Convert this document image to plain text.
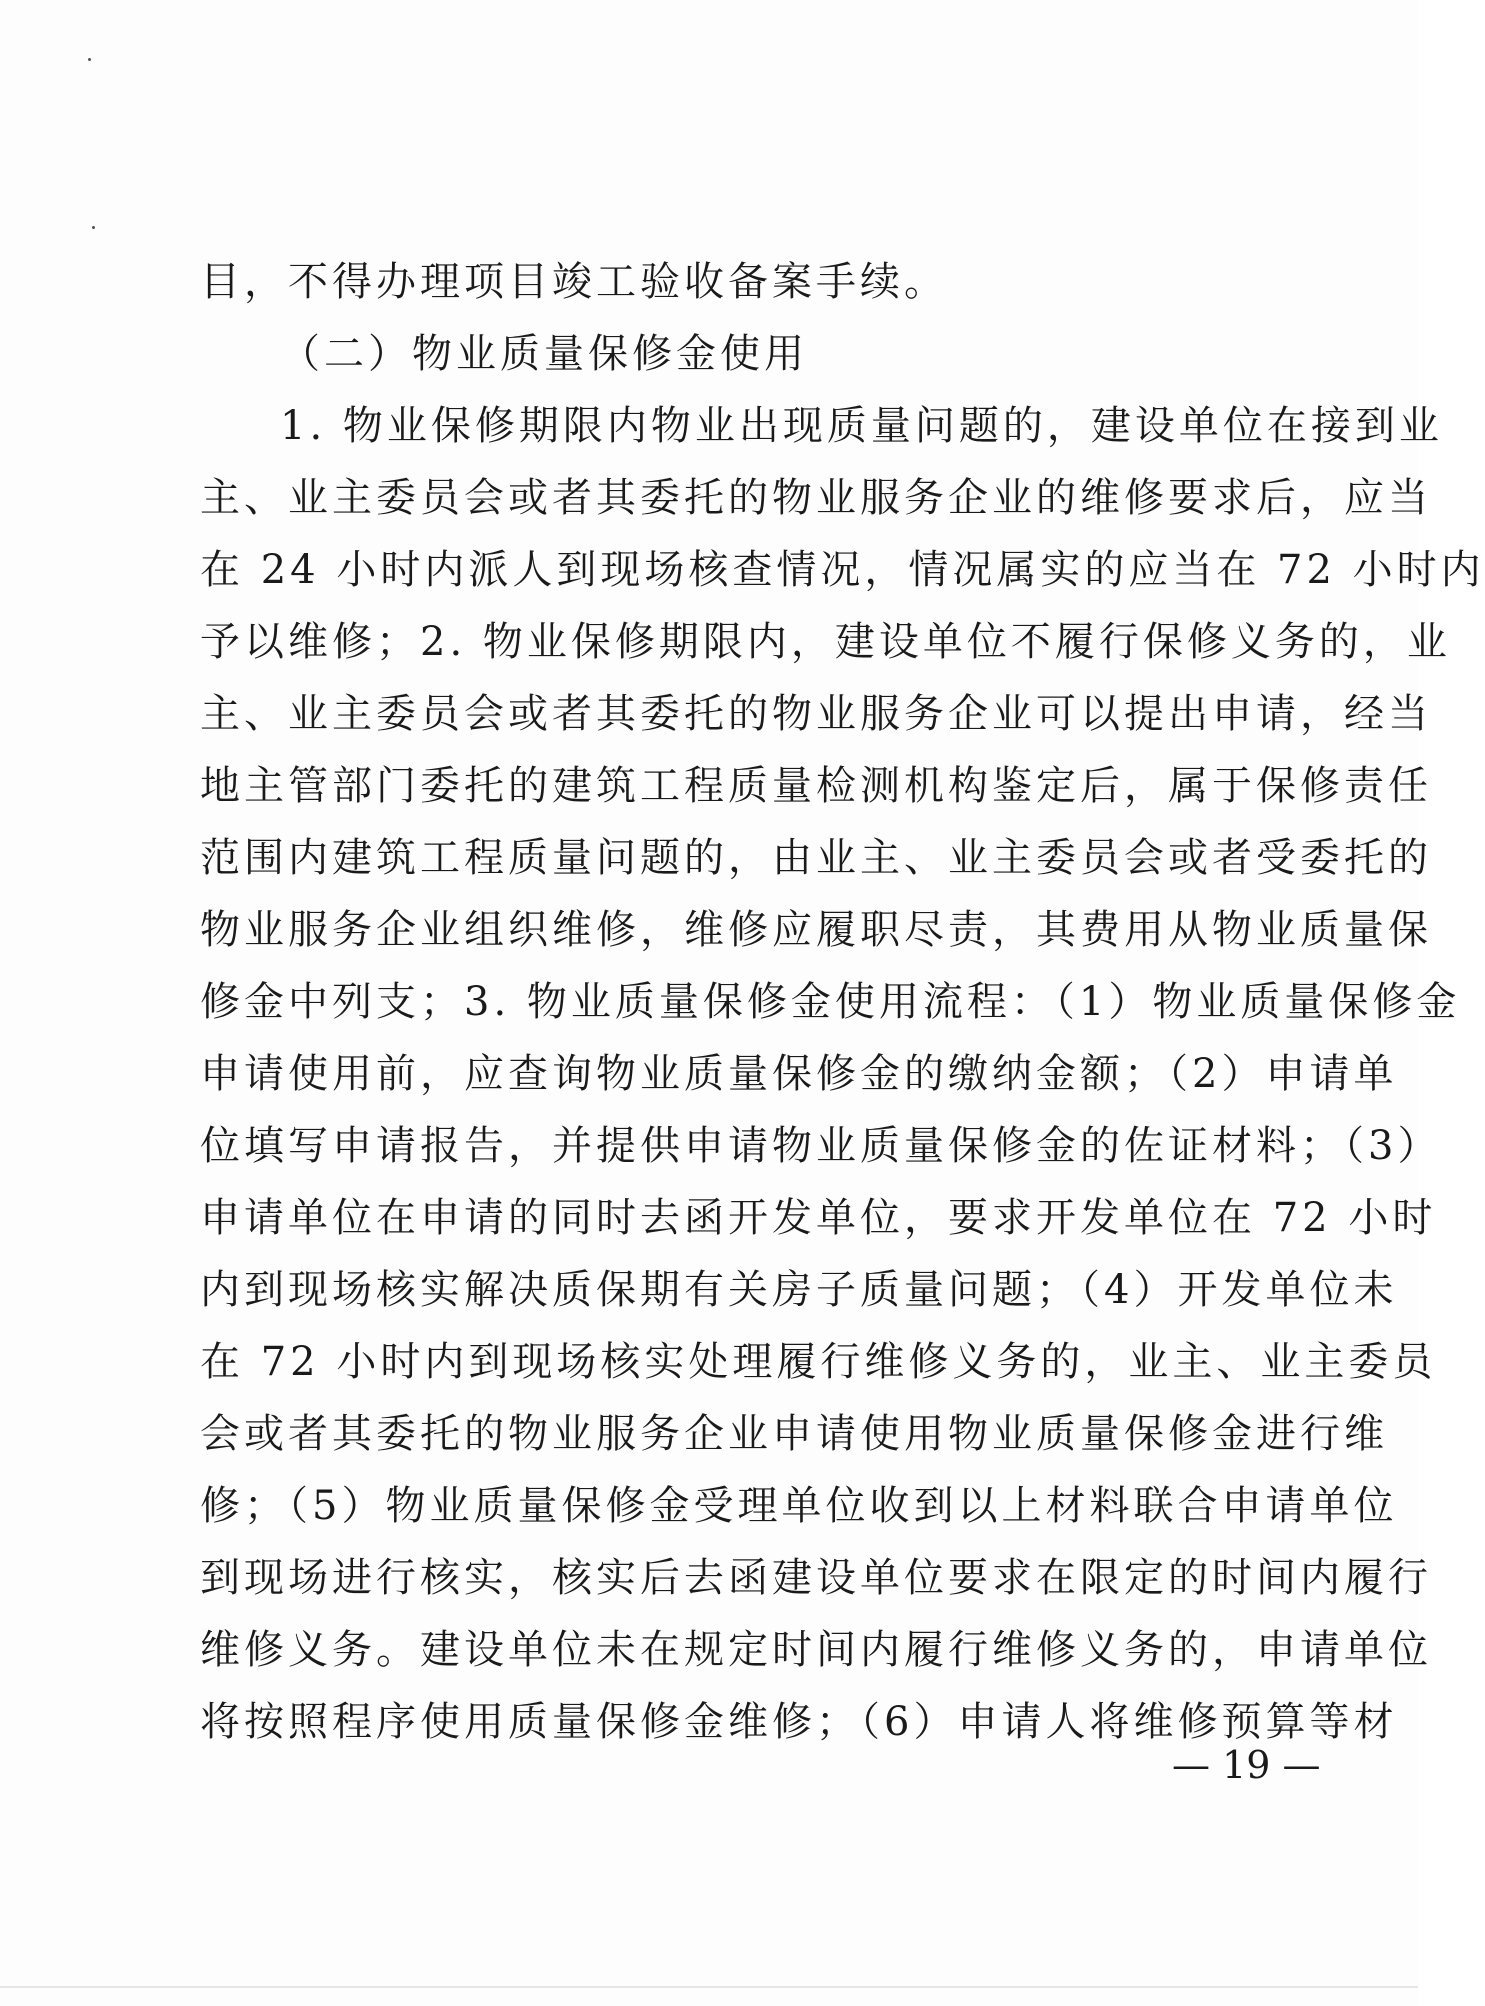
目，不得办理项目竣工验收备案手续。
（二）物业质量保修金使用
1. 物业保修期限内物业出现质量问题的，建设单位在接到业
主、业主委员会或者其委托的物业服务企业的维修要求后，应当
在 24 小时内派人到现场核查情况，情况属实的应当在 72 小时内
予以维修；2. 物业保修期限内，建设单位不履行保修义务的，业
主、业主委员会或者其委托的物业服务企业可以提出申请，经当
地主管部门委托的建筑工程质量检测机构鉴定后，属于保修责任
范围内建筑工程质量问题的，由业主、业主委员会或者受委托的
物业服务企业组织维修，维修应履职尽责，其费用从物业质量保
修金中列支；3. 物业质量保修金使用流程：（1）物业质量保修金
申请使用前，应查询物业质量保修金的缴纳金额；（2）申请单
位填写申请报告，并提供申请物业质量保修金的佐证材料；（3）
申请单位在申请的同时去函开发单位，要求开发单位在 72 小时
内到现场核实解决质保期有关房子质量问题；（4）开发单位未
在 72 小时内到现场核实处理履行维修义务的，业主、业主委员
会或者其委托的物业服务企业申请使用物业质量保修金进行维
修；（5）物业质量保修金受理单位收到以上材料联合申请单位
到现场进行核实，核实后去函建设单位要求在限定的时间内履行
维修义务。建设单位未在规定时间内履行维修义务的，申请单位
将按照程序使用质量保修金维修；（6）申请人将维修预算等材
— 19 —
